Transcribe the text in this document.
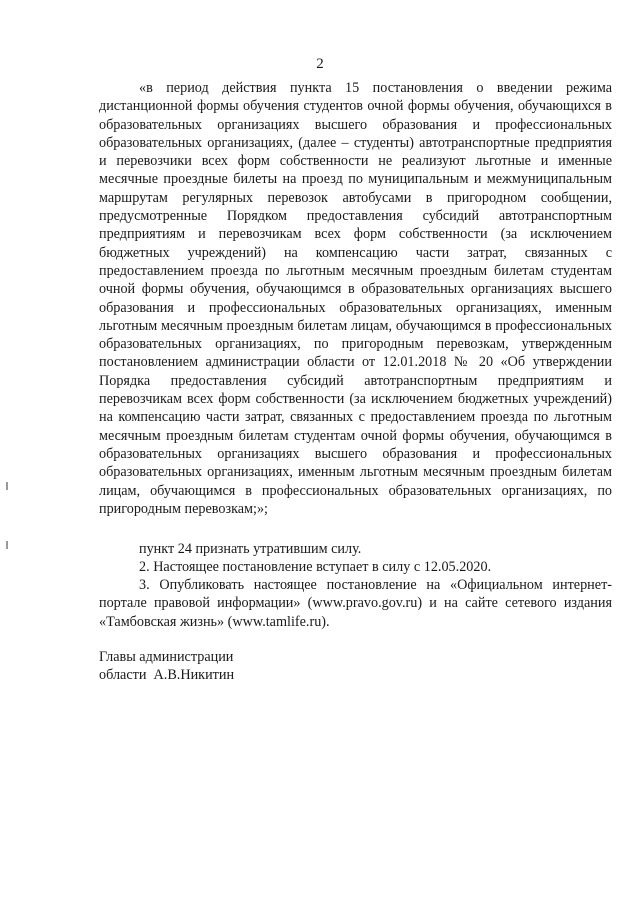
2
«в период действия пункта 15 постановления о введении режима дистанционной формы обучения студентов очной формы обучения, обучающихся в образовательных организациях высшего образования и профессиональных образовательных организациях, (далее – студенты) автотранспортные предприятия и перевозчики всех форм собственности не реализуют льготные и именные месячные проездные билеты на проезд по муниципальным и межмуниципальным маршрутам регулярных перевозок автобусами в пригородном сообщении, предусмотренные Порядком предоставления субсидий автотранспортным предприятиям и перевозчикам всех форм собственности (за исключением бюджетных учреждений) на компенсацию части затрат, связанных с предоставлением проезда по льготным месячным проездным билетам студентам очной формы обучения, обучающимся в образовательных организациях высшего образования и профессиональных образовательных организациях, именным льготным месячным проездным билетам лицам, обучающимся в профессиональных образовательных организациях, по пригородным перевозкам, утвержденным постановлением администрации области от 12.01.2018 № 20 «Об утверждении Порядка предоставления субсидий автотранспортным предприятиям и перевозчикам всех форм собственности (за исключением бюджетных учреждений) на компенсацию части затрат, связанных с предоставлением проезда по льготным месячным проездным билетам студентам очной формы обучения, обучающимся в образовательных организациях высшего образования и профессиональных образовательных организациях, именным льготным месячным проездным билетам лицам, обучающимся в профессиональных образовательных организациях, по пригородным перевозкам;»;
пункт 24 признать утратившим силу.
2. Настоящее постановление вступает в силу с 12.05.2020.
3. Опубликовать настоящее постановление на «Официальном интернет-портале правовой информации» (www.pravo.gov.ru) и на сайте сетевого издания «Тамбовская жизнь» (www.tamlife.ru).
Главы администрации
области А.В.Никитин
